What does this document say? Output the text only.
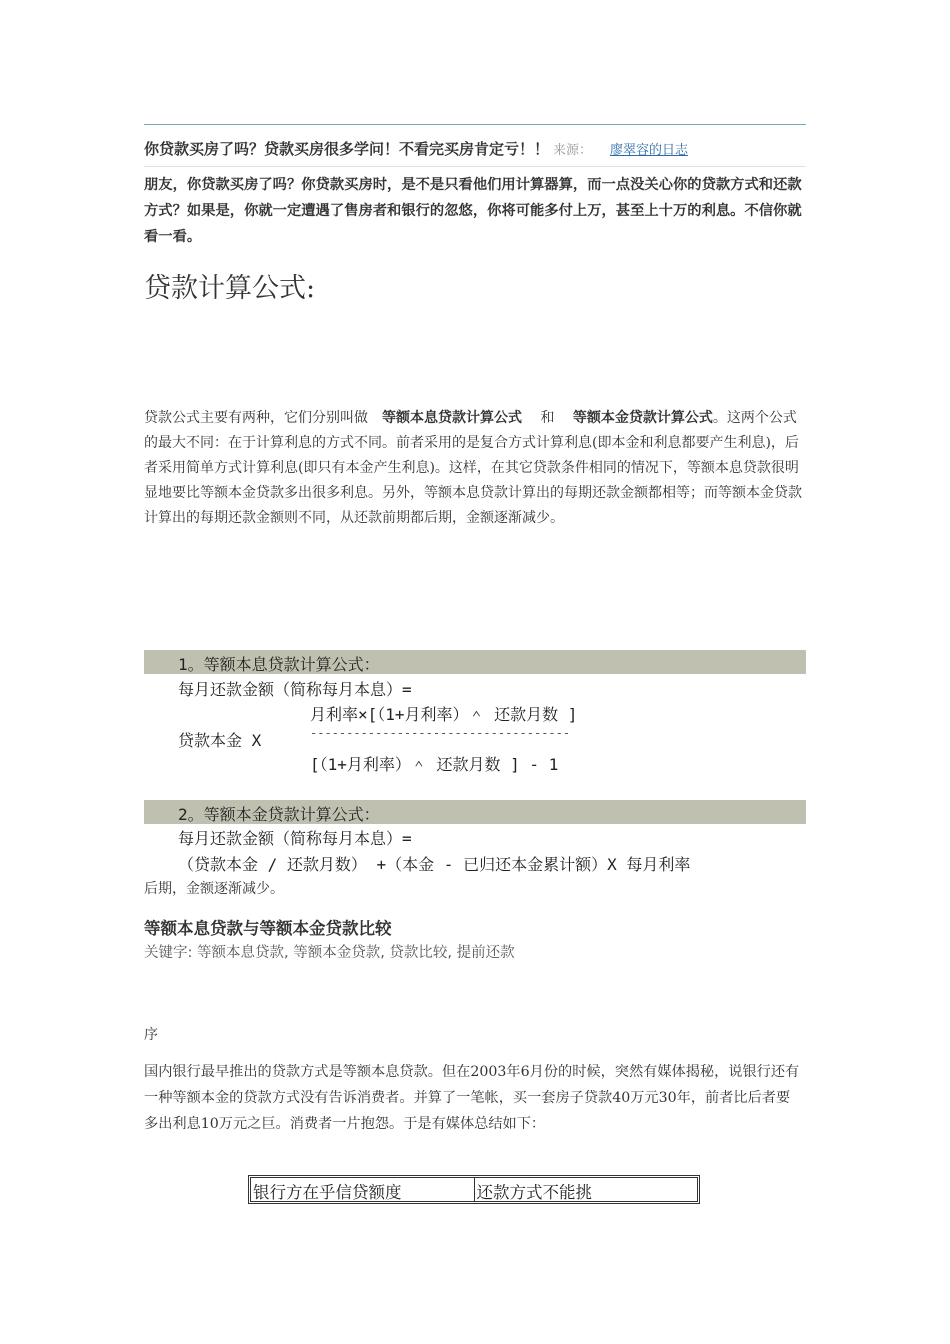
你贷款买房了吗？贷款买房很多学问！不看完买房肯定亏！！ 来源： 廖翠容的日志
朋友，你贷款买房了吗？你贷款买房时，是不是只看他们用计算器算，而一点没关心你的贷款方式和还款方式？如果是，你就一定遭遇了售房者和银行的忽悠，你将可能多付上万，甚至上十万的利息。不信你就看一看。
贷款计算公式:
贷款公式主要有两种，它们分别叫做　 等额本息贷款计算公式　 和　 等额本金贷款计算公式。这两个公式的最大不同：在于计算利息的方式不同。前者采用的是复合方式计算利息(即本金和利息都要产生利息)，后者采用简单方式计算利息(即只有本金产生利息)。这样，在其它贷款条件相同的情况下，等额本息贷款很明显地要比等额本金贷款多出很多利息。另外，等额本息贷款计算出的每期还款金额都相等；而等额本金贷款计算出的每期还款金额则不同，从还款前期都后期，金额逐渐减少。
1。等额本息贷款计算公式：
每月还款金额（简称每月本息）=
月利率×[（1+月利率）＾ 还款月数 ]
贷款本金 X	------------------------------------
[（1+月利率）＾ 还款月数 ] - 1
2。等额本金贷款计算公式：
每月还款金额（简称每月本息）=
（贷款本金 / 还款月数） +（本金 - 已归还本金累计额）X 每月利率
后期，金额逐渐减少。
等额本息贷款与等额本金贷款比较
关键字: 等额本息贷款, 等额本金贷款, 贷款比较, 提前还款
序
国内银行最早推出的贷款方式是等额本息贷款。但在2003年6月份的时候，突然有媒体揭秘，说银行还有一种等额本金的贷款方式没有告诉消费者。并算了一笔帐，买一套房子贷款40万元30年，前者比后者要多出利息10万元之巨。消费者一片抱怨。于是有媒体总结如下：
银行方在乎信贷额度	还款方式不能挑
